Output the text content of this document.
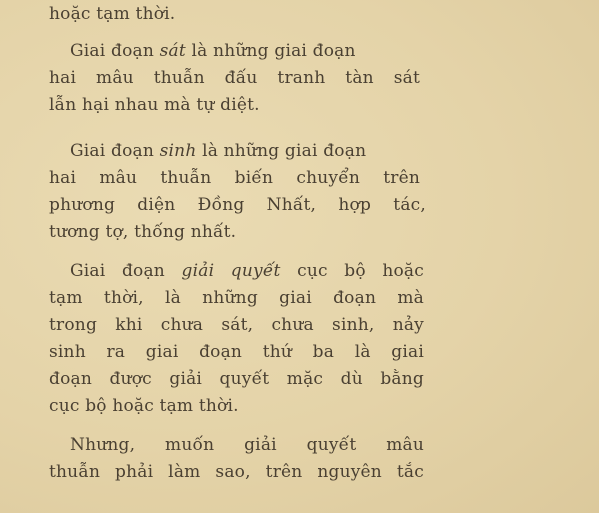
hoặc tạm thời.
Giai đoạn sát là những giai đoạn
hai mâu thuẫn đấu tranh tàn sát
lẫn hại nhau mà tự diệt.
Giai đoạn sinh là những giai đoạn
hai mâu thuẫn biến chuyển trên
phương diện Đồng Nhất, hợp tác,
tương tợ, thống nhất.
Giai đoạn giải quyết cục bộ hoặc
tạm thời, là những giai đoạn mà
trong khi chưa sát, chưa sinh, nảy
sinh ra giai đoạn thứ ba là giai
đoạn được giải quyết mặc dù bằng
cục bộ hoặc tạm thời.
Nhưng, muốn giải quyết mâu
thuẫn phải làm sao, trên nguyên tắc
